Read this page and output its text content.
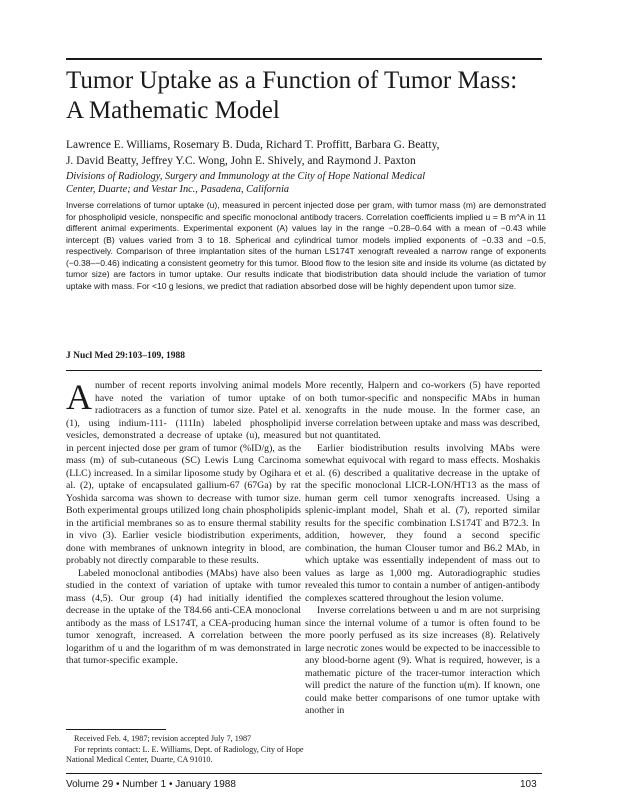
Tumor Uptake as a Function of Tumor Mass:
A Mathematic Model
Lawrence E. Williams, Rosemary B. Duda, Richard T. Proffitt, Barbara G. Beatty,
J. David Beatty, Jeffrey Y.C. Wong, John E. Shively, and Raymond J. Paxton
Divisions of Radiology, Surgery and Immunology at the City of Hope National Medical
Center, Duarte; and Vestar Inc., Pasadena, California
Inverse correlations of tumor uptake (u), measured in percent injected dose per gram, with tumor mass (m) are demonstrated for phospholipid vesicle, nonspecific and specific monoclonal antibody tracers. Correlation coefficients implied u = B m^A in 11 different animal experiments. Experimental exponent (A) values lay in the range −0.28–0.64 with a mean of −0.43 while intercept (B) values varied from 3 to 18. Spherical and cylindrical tumor models implied exponents of −0.33 and −0.5, respectively. Comparison of three implantation sites of the human LS174T xenograft revealed a narrow range of exponents (−0.38–−0.46) indicating a consistent geometry for this tumor. Blood flow to the lesion site and inside its volume (as dictated by tumor size) are factors in tumor uptake. Our results indicate that biodistribution data should include the variation of tumor uptake with mass. For <10 g lesions, we predict that radiation absorbed dose will be highly dependent upon tumor size.
J Nucl Med 29:103–109, 1988

A number of recent reports involving animal models have noted the variation of tumor uptake of radiotracers as a function of tumor size. Patel et al. (1), using indium-111- (111In) labeled phospholipid vesicles, demonstrated a decrease of uptake (u), measured in percent injected dose per gram of tumor (%ID/g), as the mass (m) of sub-cutaneous (SC) Lewis Lung Carcinoma (LLC) increased. In a similar liposome study by Ogihara et al. (2), uptake of encapsulated gallium-67 (67Ga) by rat Yoshida sarcoma was shown to decrease with tumor size. Both experimental groups utilized long chain phospholipids in the artificial membranes so as to ensure thermal stability in vivo (3). Earlier vesicle biodistribution experiments, done with membranes of unknown integrity in blood, are probably not directly comparable to these results.

Labeled monoclonal antibodies (MAbs) have also been studied in the context of variation of uptake with tumor mass (4,5). Our group (4) had initially identified the decrease in the uptake of the T84.66 anti-CEA monoclonal antibody as the mass of LS174T, a CEA-producing human tumor xenograft, increased. A correlation between the logarithm of u and the logarithm of m was demonstrated in that tumor-specific example.

More recently, Halpern and co-workers (5) have reported on both tumor-specific and nonspecific MAbs in human xenografts in the nude mouse. In the former case, an inverse correlation between uptake and mass was described, but not quantitated.

Earlier biodistribution results involving MAbs were somewhat equivocal with regard to mass effects. Moshakis et al. (6) described a qualitative decrease in the uptake of the specific monoclonal LICR-LON/HT13 as the mass of human germ cell tumor xenografts increased. Using a splenic-implant model, Shah et al. (7), reported similar results for the specific combination LS174T and B72.3. In addition, however, they found a second specific combination, the human Clouser tumor and B6.2 MAb, in which uptake was essentially independent of mass out to values as large as 1,000 mg. Autoradiographic studies revealed this tumor to contain a number of antigen-antibody complexes scattered throughout the lesion volume.

Inverse correlations between u and m are not surprising since the internal volume of a tumor is often found to be more poorly perfused as its size increases (8). Relatively large necrotic zones would be expected to be inaccessible to any blood-borne agent (9). What is required, however, is a mathematic picture of the tracer-tumor interaction which will predict the nature of the function u(m). If known, one could make better comparisons of one tumor uptake with another in

Received Feb. 4, 1987; revision accepted July 7, 1987

For reprints contact: L. E. Williams, Dept. of Radiology, City of Hope National Medical Center, Duarte, CA 91010.

Volume 29 • Number 1 • January 1988	103
